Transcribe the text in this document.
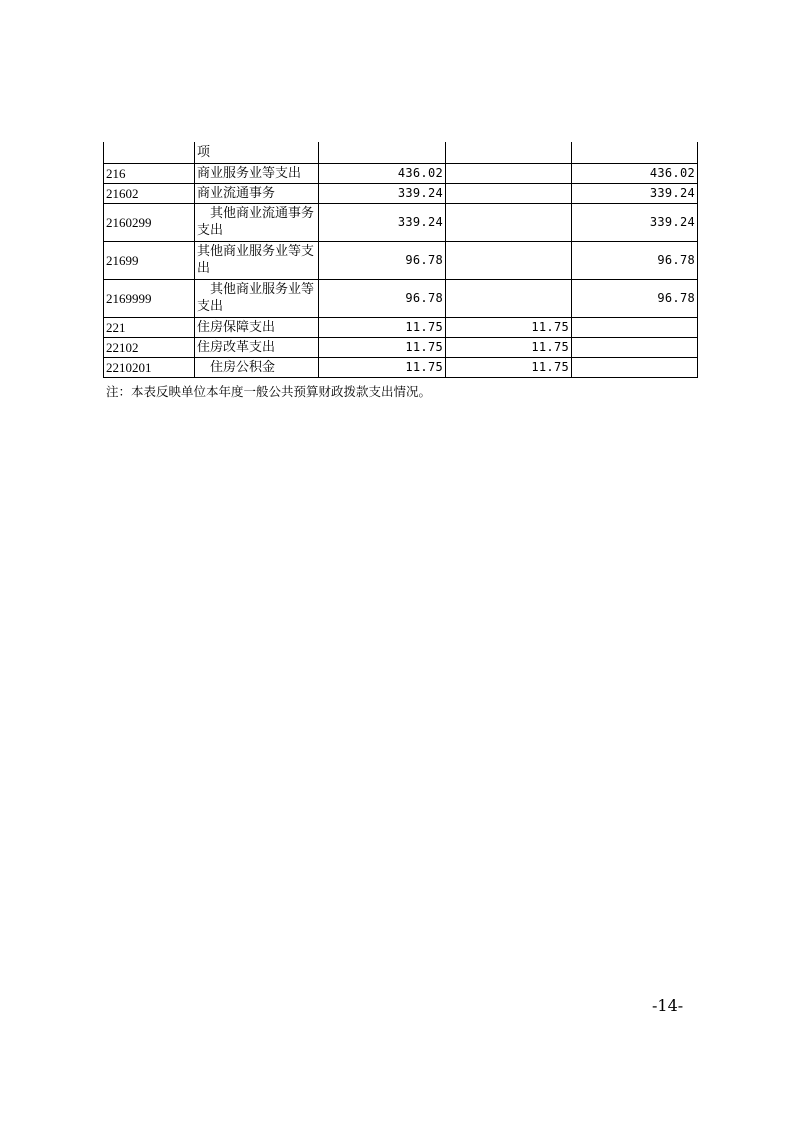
	项			
216	商业服务业等支出	436.02		436.02
21602	商业流通事务	339.24		339.24
2160299	其他商业流通事务支出	339.24		339.24
21699	其他商业服务业等支出	96.78		96.78
2169999	其他商业服务业等支出	96.78		96.78
221	住房保障支出	11.75	11.75	
22102	住房改革支出	11.75	11.75	
2210201	住房公积金	11.75	11.75	
注：本表反映单位本年度一般公共预算财政拨款支出情况。
-14-
